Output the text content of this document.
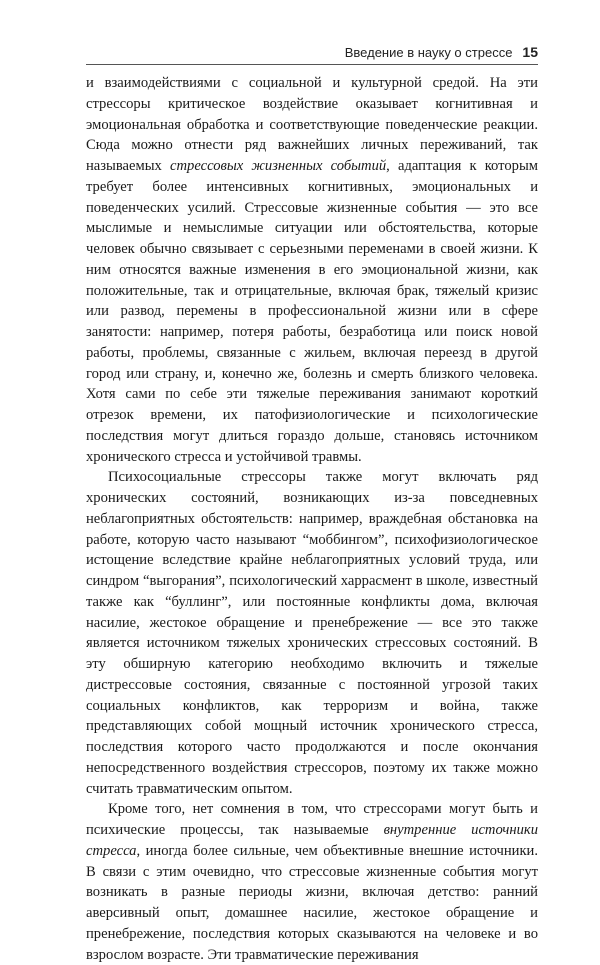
Введение в науку о стрессе 15

и взаимодействиями с социальной и культурной средой. На эти стрессоры критическое воздействие оказывает когнитивная и эмоциональная обработка и соответствующие поведенческие реакции. Сюда можно отнести ряд важнейших личных переживаний, так называемых стрессовых жизненных событий, адаптация к которым требует более интенсивных когнитивных, эмоциональных и поведенческих усилий. Стрессовые жизненные события — это все мыслимые и немыслимые ситуации или обстоятельства, которые человек обычно связывает с серьезными переменами в своей жизни. К ним относятся важные изменения в его эмоциональной жизни, как положительные, так и отрицательные, включая брак, тяжелый кризис или развод, перемены в профессиональной жизни или в сфере занятости: например, потеря работы, безработица или поиск новой работы, проблемы, связанные с жильем, включая переезд в другой город или страну, и, конечно же, болезнь и смерть близкого человека. Хотя сами по себе эти тяжелые переживания занимают короткий отрезок времени, их патофизиологические и психологические последствия могут длиться гораздо дольше, становясь источником хронического стресса и устойчивой травмы.

Психосоциальные стрессоры также могут включать ряд хронических состояний, возникающих из-за повседневных неблагоприятных обстоятельств: например, враждебная обстановка на работе, которую часто называют “моббингом”, психофизиологическое истощение вследствие крайне неблагоприятных условий труда, или синдром “выгорания”, психологический харрасмент в школе, известный также как “буллинг”, или постоянные конфликты дома, включая насилие, жестокое обращение и пренебрежение — все это также является источником тяжелых хронических стрессовых состояний. В эту обширную категорию необходимо включить и тяжелые дистрессовые состояния, связанные с постоянной угрозой таких социальных конфликтов, как терроризм и война, также представляющих собой мощный источник хронического стресса, последствия которого часто продолжаются и после окончания непосредственного воздействия стрессоров, поэтому их также можно считать травматическим опытом.

Кроме того, нет сомнения в том, что стрессорами могут быть и психические процессы, так называемые внутренние источники стресса, иногда более сильные, чем объективные внешние источники. В связи с этим очевидно, что стрессовые жизненные события могут возникать в разные периоды жизни, включая детство: ранний аверсивный опыт, домашнее насилие, жестокое обращение и пренебрежение, последствия которых сказываются на человеке и во взрослом возрасте. Эти травматические переживания
